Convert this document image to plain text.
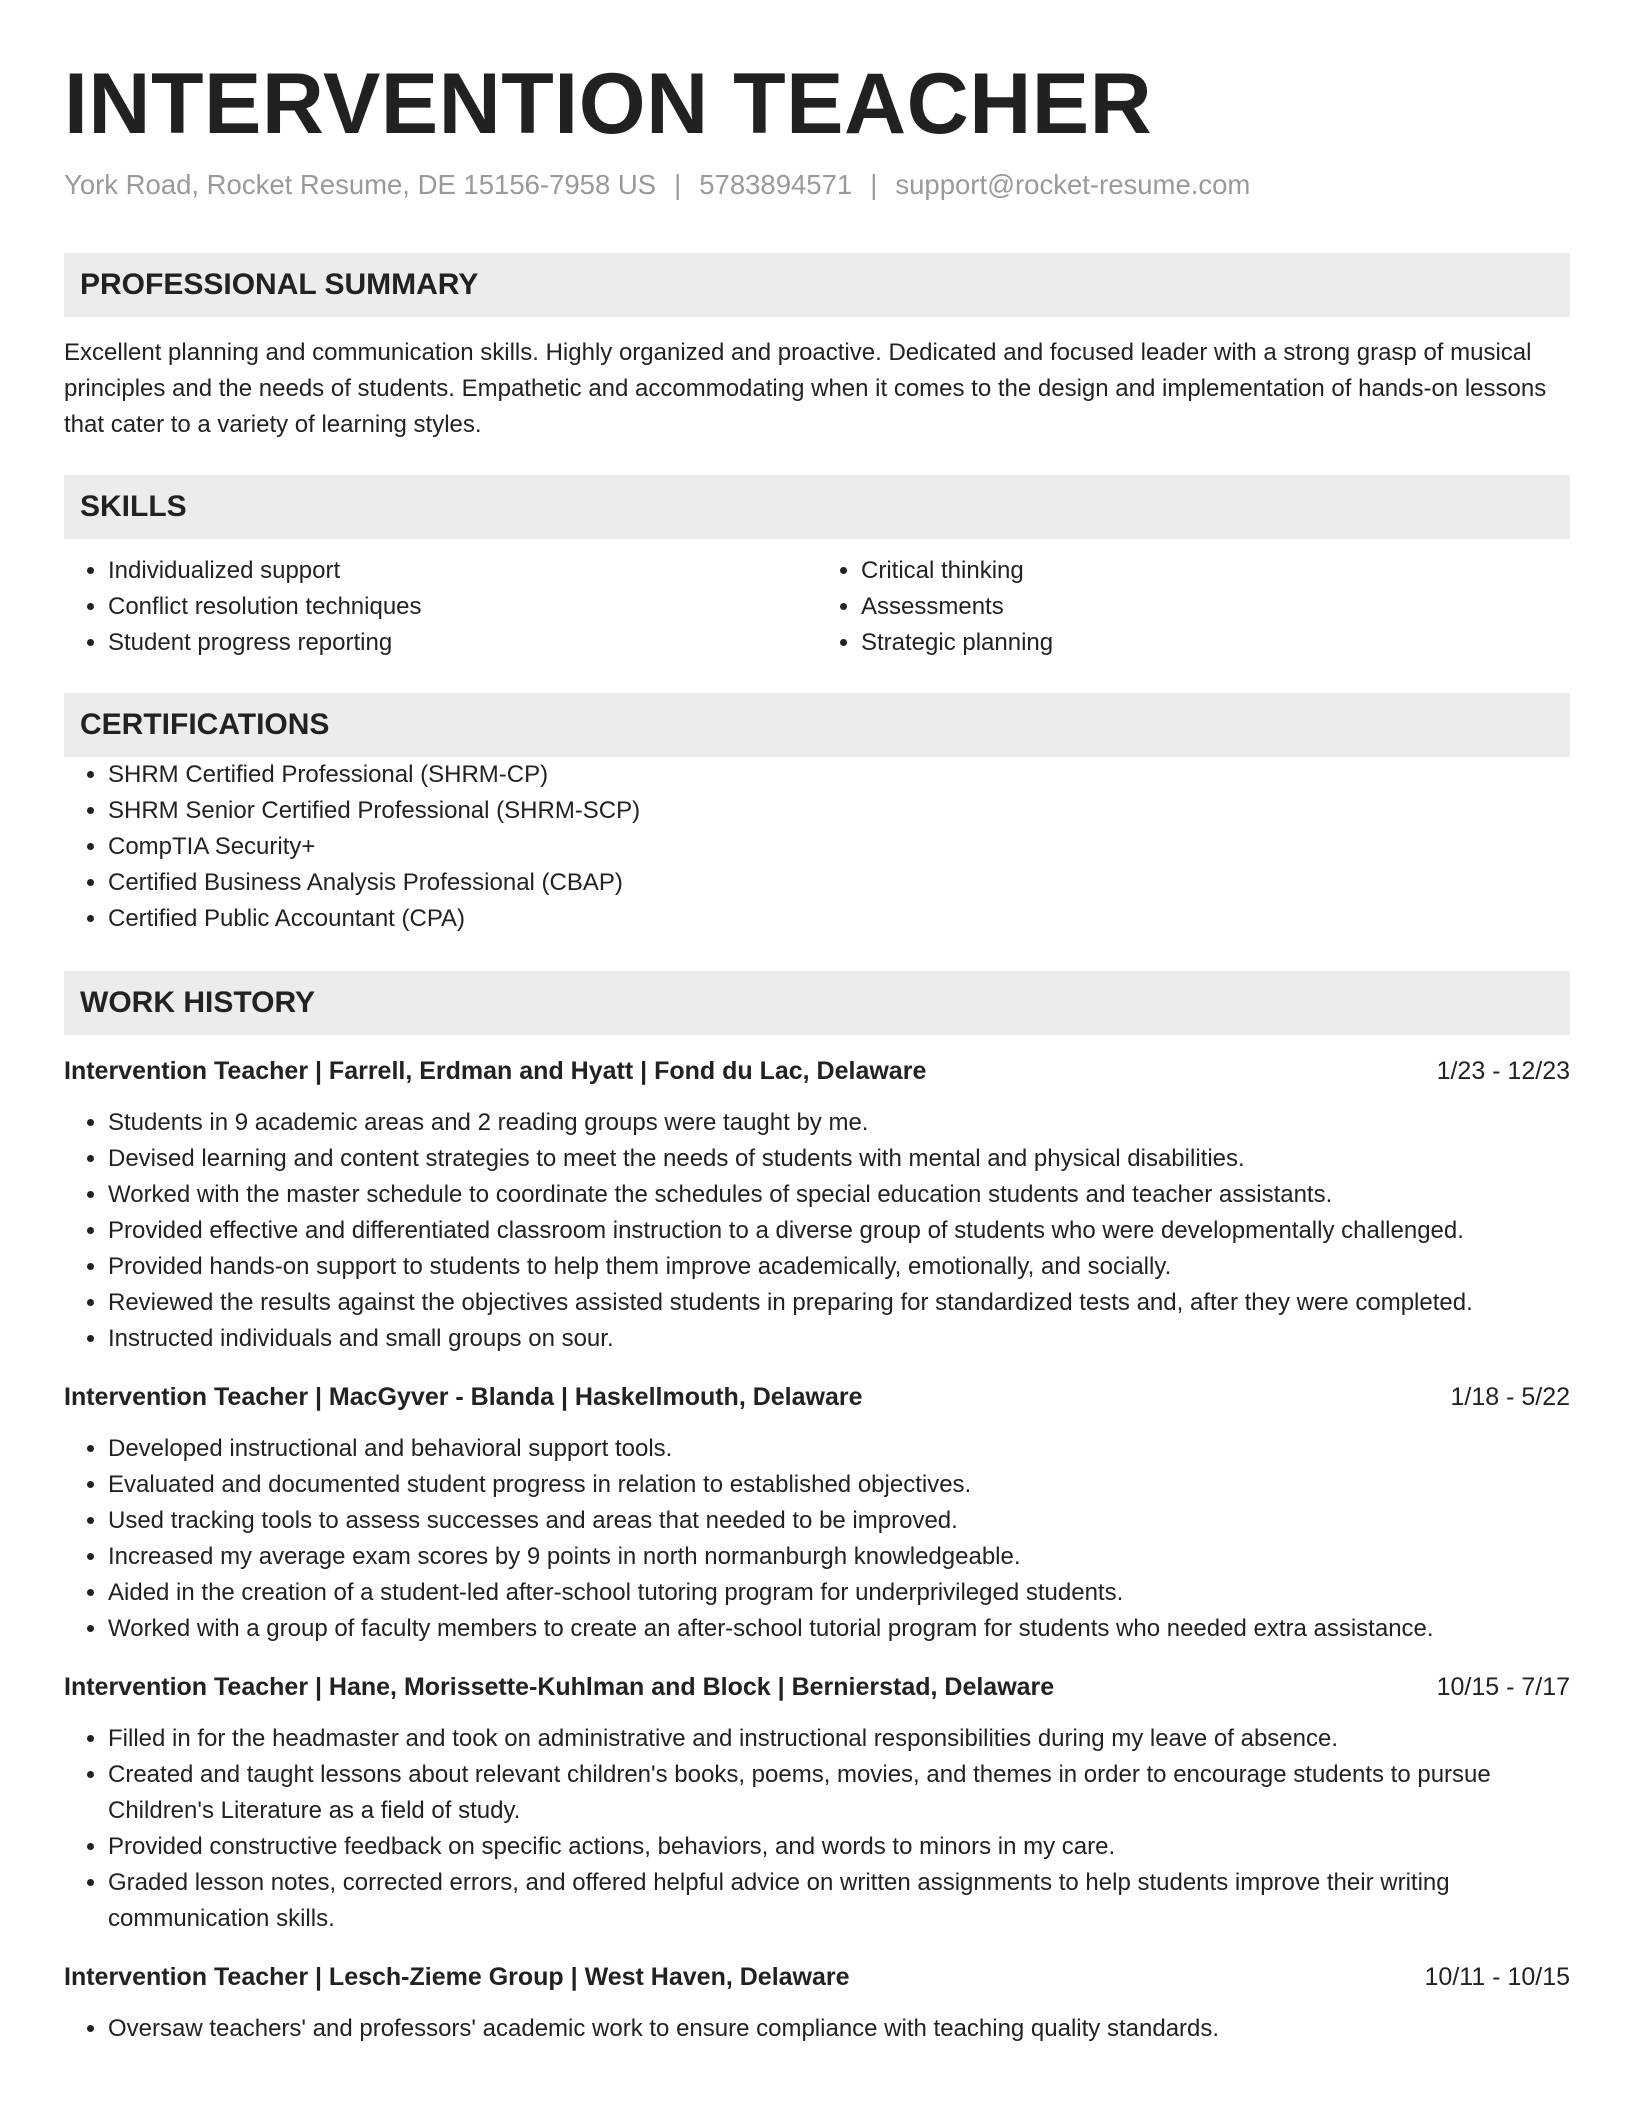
INTERVENTION TEACHER
York Road, Rocket Resume, DE 15156-7958 US | 5783894571 | support@rocket-resume.com
PROFESSIONAL SUMMARY
Excellent planning and communication skills. Highly organized and proactive. Dedicated and focused leader with a strong grasp of musical principles and the needs of students. Empathetic and accommodating when it comes to the design and implementation of hands-on lessons that cater to a variety of learning styles.
SKILLS
• Individualized support
• Conflict resolution techniques
• Student progress reporting
• Critical thinking
• Assessments
• Strategic planning
CERTIFICATIONS
• SHRM Certified Professional (SHRM-CP)
• SHRM Senior Certified Professional (SHRM-SCP)
• CompTIA Security+
• Certified Business Analysis Professional (CBAP)
• Certified Public Accountant (CPA)
WORK HISTORY
Intervention Teacher | Farrell, Erdman and Hyatt | Fond du Lac, Delaware	1/23 - 12/23
• Students in 9 academic areas and 2 reading groups were taught by me.
• Devised learning and content strategies to meet the needs of students with mental and physical disabilities.
• Worked with the master schedule to coordinate the schedules of special education students and teacher assistants.
• Provided effective and differentiated classroom instruction to a diverse group of students who were developmentally challenged.
• Provided hands-on support to students to help them improve academically, emotionally, and socially.
• Reviewed the results against the objectives assisted students in preparing for standardized tests and, after they were completed.
• Instructed individuals and small groups on sour.
Intervention Teacher | MacGyver - Blanda | Haskellmouth, Delaware	1/18 - 5/22
• Developed instructional and behavioral support tools.
• Evaluated and documented student progress in relation to established objectives.
• Used tracking tools to assess successes and areas that needed to be improved.
• Increased my average exam scores by 9 points in north normanburgh knowledgeable.
• Aided in the creation of a student-led after-school tutoring program for underprivileged students.
• Worked with a group of faculty members to create an after-school tutorial program for students who needed extra assistance.
Intervention Teacher | Hane, Morissette-Kuhlman and Block | Bernierstad, Delaware	10/15 - 7/17
• Filled in for the headmaster and took on administrative and instructional responsibilities during my leave of absence.
• Created and taught lessons about relevant children's books, poems, movies, and themes in order to encourage students to pursue Children's Literature as a field of study.
• Provided constructive feedback on specific actions, behaviors, and words to minors in my care.
• Graded lesson notes, corrected errors, and offered helpful advice on written assignments to help students improve their writing communication skills.
Intervention Teacher | Lesch-Zieme Group | West Haven, Delaware	10/11 - 10/15
• Oversaw teachers' and professors' academic work to ensure compliance with teaching quality standards.
